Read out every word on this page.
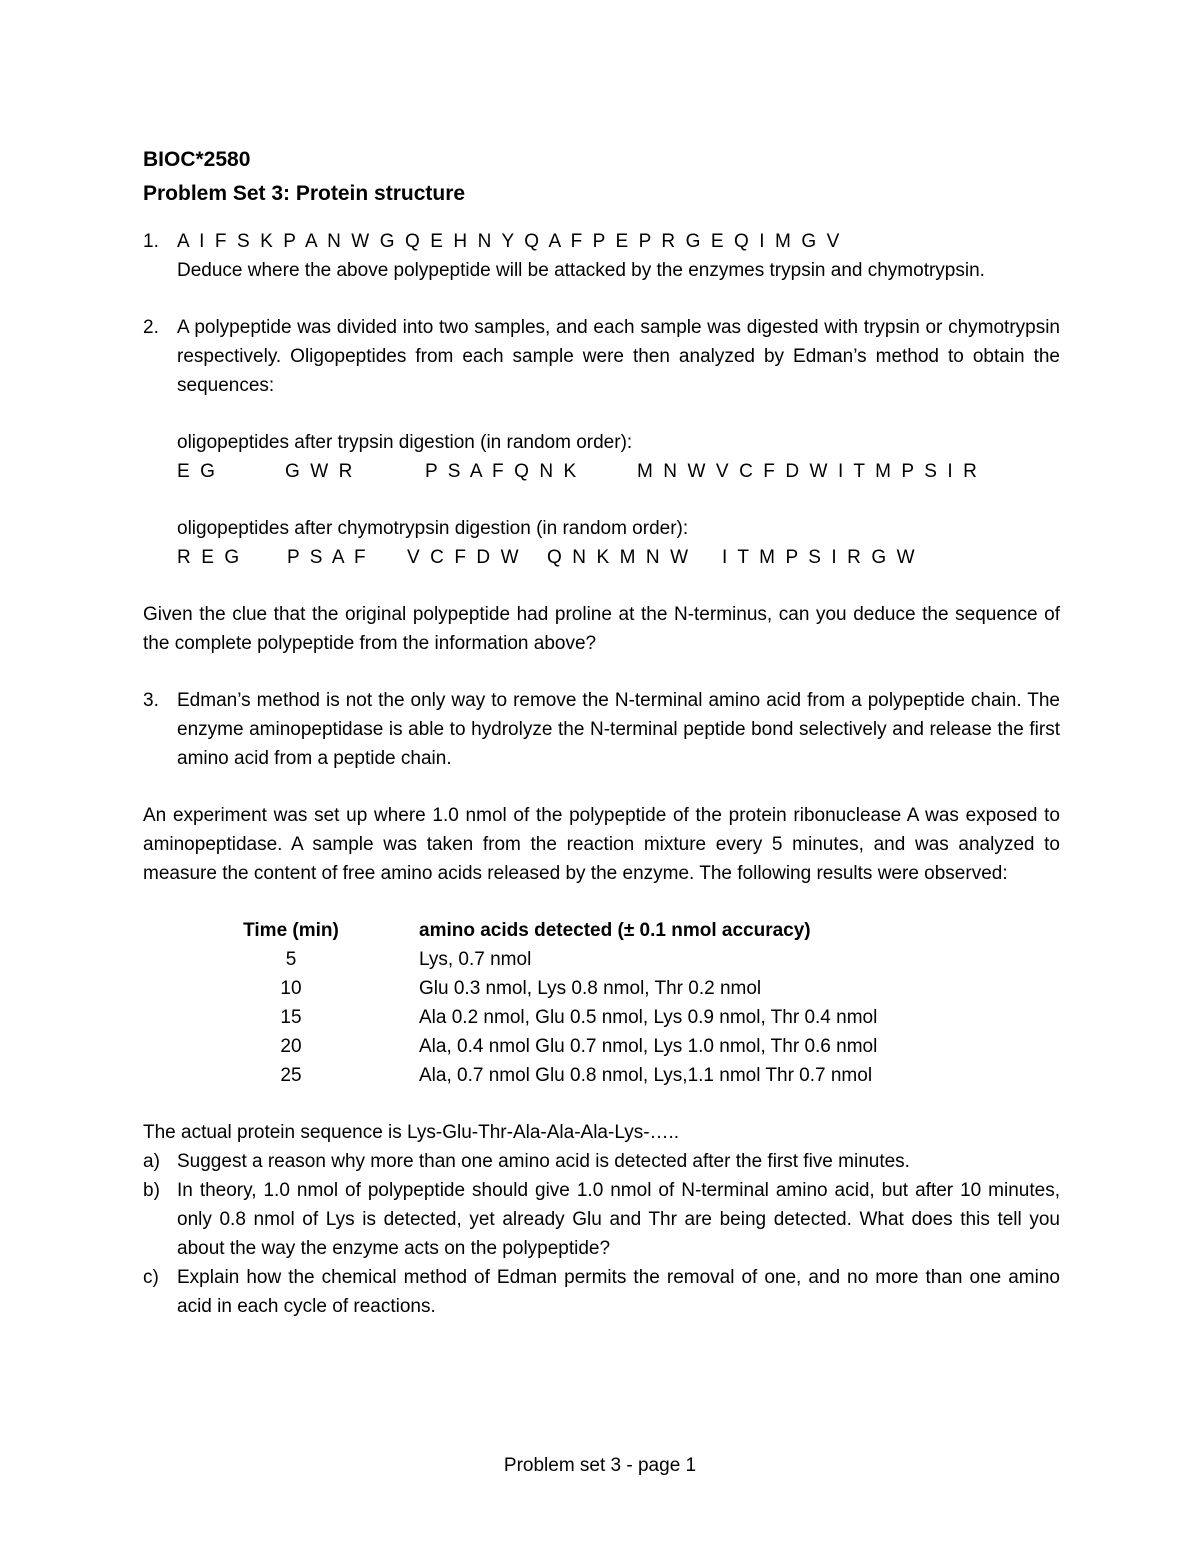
BIOC*2580
Problem Set 3: Protein structure
1. A I F S K P A N W G Q E H N Y Q A F P E P R G E Q I M G V
Deduce where the above polypeptide will be attacked by the enzymes trypsin and chymotrypsin.
2. A polypeptide was divided into two samples, and each sample was digested with trypsin or chymotrypsin respectively. Oligopeptides from each sample were then analyzed by Edman’s method to obtain the sequences:
oligopeptides after trypsin digestion (in random order):
E G	G W R	P S A F Q N K	M N W V C F D W I T M P S I R
oligopeptides after chymotrypsin digestion (in random order):
R E G	P S A F	V C F D W	Q N K M N W	I T M P S I R G W
Given the clue that the original polypeptide had proline at the N-terminus, can you deduce the sequence of the complete polypeptide from the information above?
3. Edman’s method is not the only way to remove the N-terminal amino acid from a polypeptide chain. The enzyme aminopeptidase is able to hydrolyze the N-terminal peptide bond selectively and release the first amino acid from a peptide chain.
An experiment was set up where 1.0 nmol of the polypeptide of the protein ribonuclease A was exposed to aminopeptidase. A sample was taken from the reaction mixture every 5 minutes, and was analyzed to measure the content of free amino acids released by the enzyme. The following results were observed:
Time (min)		amino acids detected (± 0.1 nmol accuracy)
5		Lys, 0.7 nmol
10		Glu 0.3 nmol, Lys 0.8 nmol, Thr 0.2 nmol
15		Ala 0.2 nmol, Glu 0.5 nmol, Lys 0.9 nmol, Thr 0.4 nmol
20		Ala, 0.4 nmol Glu 0.7 nmol, Lys 1.0 nmol, Thr 0.6 nmol
25		Ala, 0.7 nmol Glu 0.8 nmol, Lys,1.1 nmol Thr 0.7 nmol
The actual protein sequence is Lys-Glu-Thr-Ala-Ala-Ala-Lys-…..
a) Suggest a reason why more than one amino acid is detected after the first five minutes.
b) In theory, 1.0 nmol of polypeptide should give 1.0 nmol of N-terminal amino acid, but after 10 minutes, only 0.8 nmol of Lys is detected, yet already Glu and Thr are being detected. What does this tell you about the way the enzyme acts on the polypeptide?
c) Explain how the chemical method of Edman permits the removal of one, and no more than one amino acid in each cycle of reactions.
Problem set 3 - page 1
